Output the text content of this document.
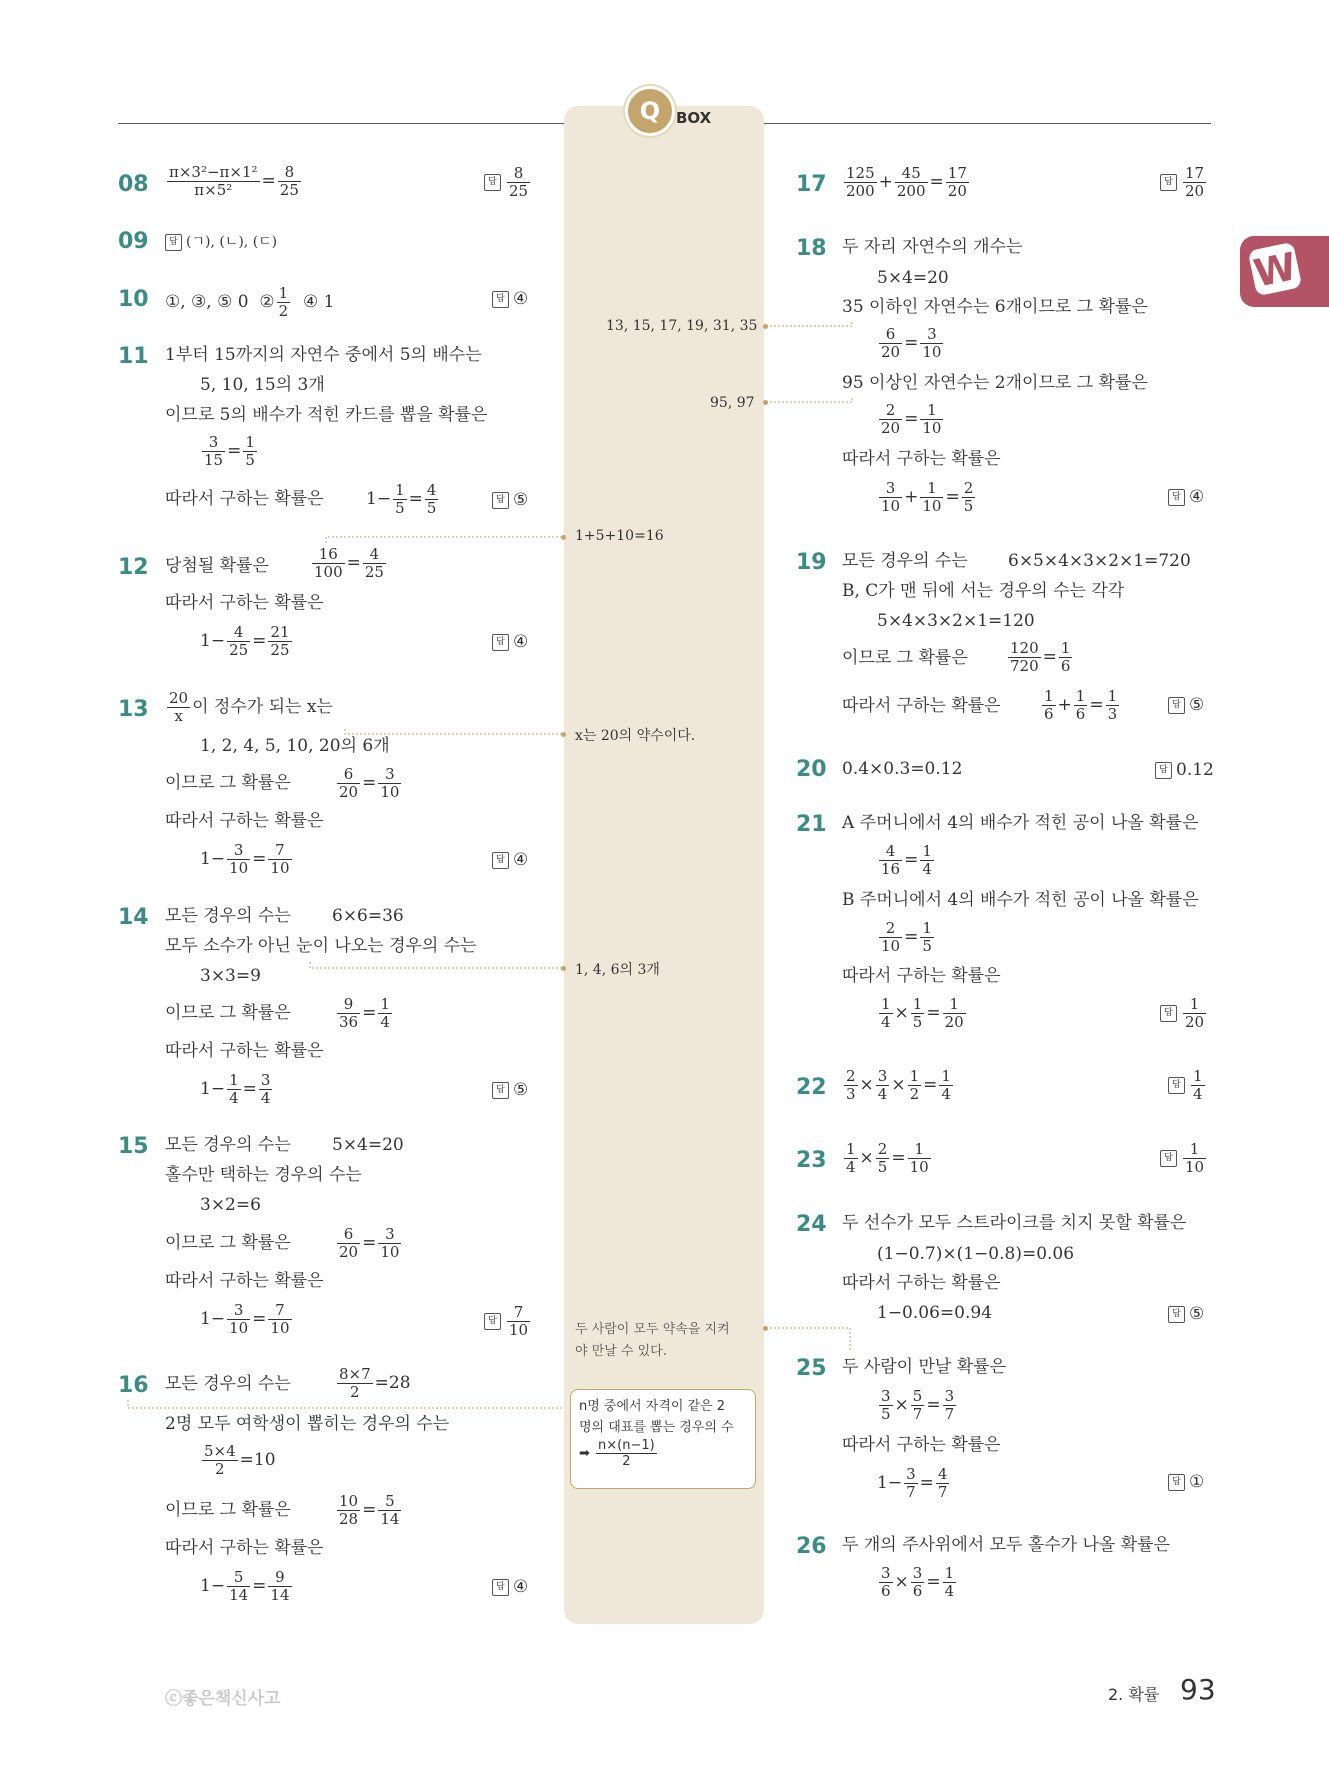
Q	BOX
W
$08 \frac{\text{π×3²−π×1²}}{\text{π×5²}} = \frac{8}{25}$	답 $\frac{8}{25}$
09	답 (ㄱ), (ㄴ), (ㄷ)
10 ①, ③, ⑤ 0 ② $\frac{1}{2}$ ④ 1	답 ④
11 1부터 15까지의 자연수 중에서 5의 배수는
5, 10, 15의 3개
이므로 5의 배수가 적힌 카드를 뽑을 확률은
$\frac{3}{15} = \frac{1}{5}$
따라서 구하는 확률은 $1- \frac{1}{5} = \frac{4}{5}$	답 ⑤
12 당첨될 확률은	$\frac{16}{100} = \frac{4}{25}$
따라서 구하는 확률은
$1- \frac{4}{25} = \frac{21}{25}$	답 ④
$13 \frac{20}{x}$ 이 정수가 되는 x는
1, 2, 4, 5, 10, 20의 6개
이므로 그 확률은	$\frac{6}{20} = \frac{3}{10}$
따라서 구하는 확률은
$1- \frac{3}{10} = \frac{7}{10}$	답 ④
14 모든 경우의 수는 6×6=36
모두 소수가 아닌 눈이 나오는 경우의 수는
3×3=9
이므로 그 확률은	$\frac{9}{36} = \frac{1}{4}$
따라서 구하는 확률은
$1- \frac{1}{4} = \frac{3}{4}$	답 ⑤
15 모든 경우의 수는 5×4=20
홀수만 택하는 경우의 수는
3×2=6
이므로 그 확률은	$\frac{6}{20} = \frac{3}{10}$
따라서 구하는 확률은
$1- \frac{3}{10} = \frac{7}{10}$	답 $\frac{7}{10}$
16 모든 경우의 수는	$\frac{8\times 7}{2} =28$
2명 모두 여학생이 뽑히는 경우의 수는
$\frac{5\times 4}{2} =10$
이므로 그 확률은	$\frac{10}{28} = \frac{5}{14}$
따라서 구하는 확률은
$1- \frac{5}{14} = \frac{9}{14}$	답 ④
$17 \frac{125}{200} + \frac{45}{200} = \frac{17}{20}$	답 $\frac{17}{20}$
18 두 자리 자연수의 개수는
5×4=20
35 이하인 자연수는 6개이므로 그 확률은
$\frac{6}{20} = \frac{3}{10}$
95 이상인 자연수는 2개이므로 그 확률은
$\frac{2}{20} = \frac{1}{10}$
따라서 구하는 확률은
$\frac{3}{10} + \frac{1}{10} = \frac{2}{5}$	답 ④
19 모든 경우의 수는 6×5×4×3×2×1=720
B, C가 맨 뒤에 서는 경우의 수는 각각
5×4×3×2×1=120
이므로 그 확률은	$\frac{120}{720} = \frac{1}{6}$
따라서 구하는 확률은	$\frac{1}{6} + \frac{1}{6} = \frac{1}{3}$	답 ⑤
20 0.4×0.3=0.12	답 0.12
21 A 주머니에서 4의 배수가 적힌 공이 나올 확률은
$\frac{4}{16} = \frac{1}{4}$
B 주머니에서 4의 배수가 적힌 공이 나올 확률은
$\frac{2}{10} = \frac{1}{5}$
따라서 구하는 확률은
$\frac{1}{4} \times \frac{1}{5} = \frac{1}{20}$	답 $\frac{1}{20}$
$22 \frac{2}{3} \times \frac{3}{4} \times \frac{1}{2} = \frac{1}{4}$	답 $\frac{1}{4}$
$23 \frac{1}{4} \times \frac{2}{5} = \frac{1}{10}$	답 $\frac{1}{10}$
24 두 선수가 모두 스트라이크를 치지 못할 확률은
(1−0.7)×(1−0.8)=0.06
따라서 구하는 확률은
1−0.06=0.94	답 ⑤
25 두 사람이 만날 확률은
$\frac{3}{5} \times \frac{5}{7} = \frac{3}{7}$
따라서 구하는 확률은
$1- \frac{3}{7} = \frac{4}{7}$	답 ①
26 두 개의 주사위에서 모두 홀수가 나올 확률은
$\frac{3}{6} \times \frac{3}{6} = \frac{1}{4}$
13, 15, 17, 19, 31, 35
95, 97
1+5+10=16
x는 20의 약수이다.
1, 4, 6의 3개
두 사람이 모두 약속을 지켜
야 만날 수 있다.
n명 중에서 자격이 같은 2
명의 대표를 뽑는 경우의 수
➡ $\frac{n\times(n-1)}{2}$
ⓒ좋은책신사고	2. 확률 93
